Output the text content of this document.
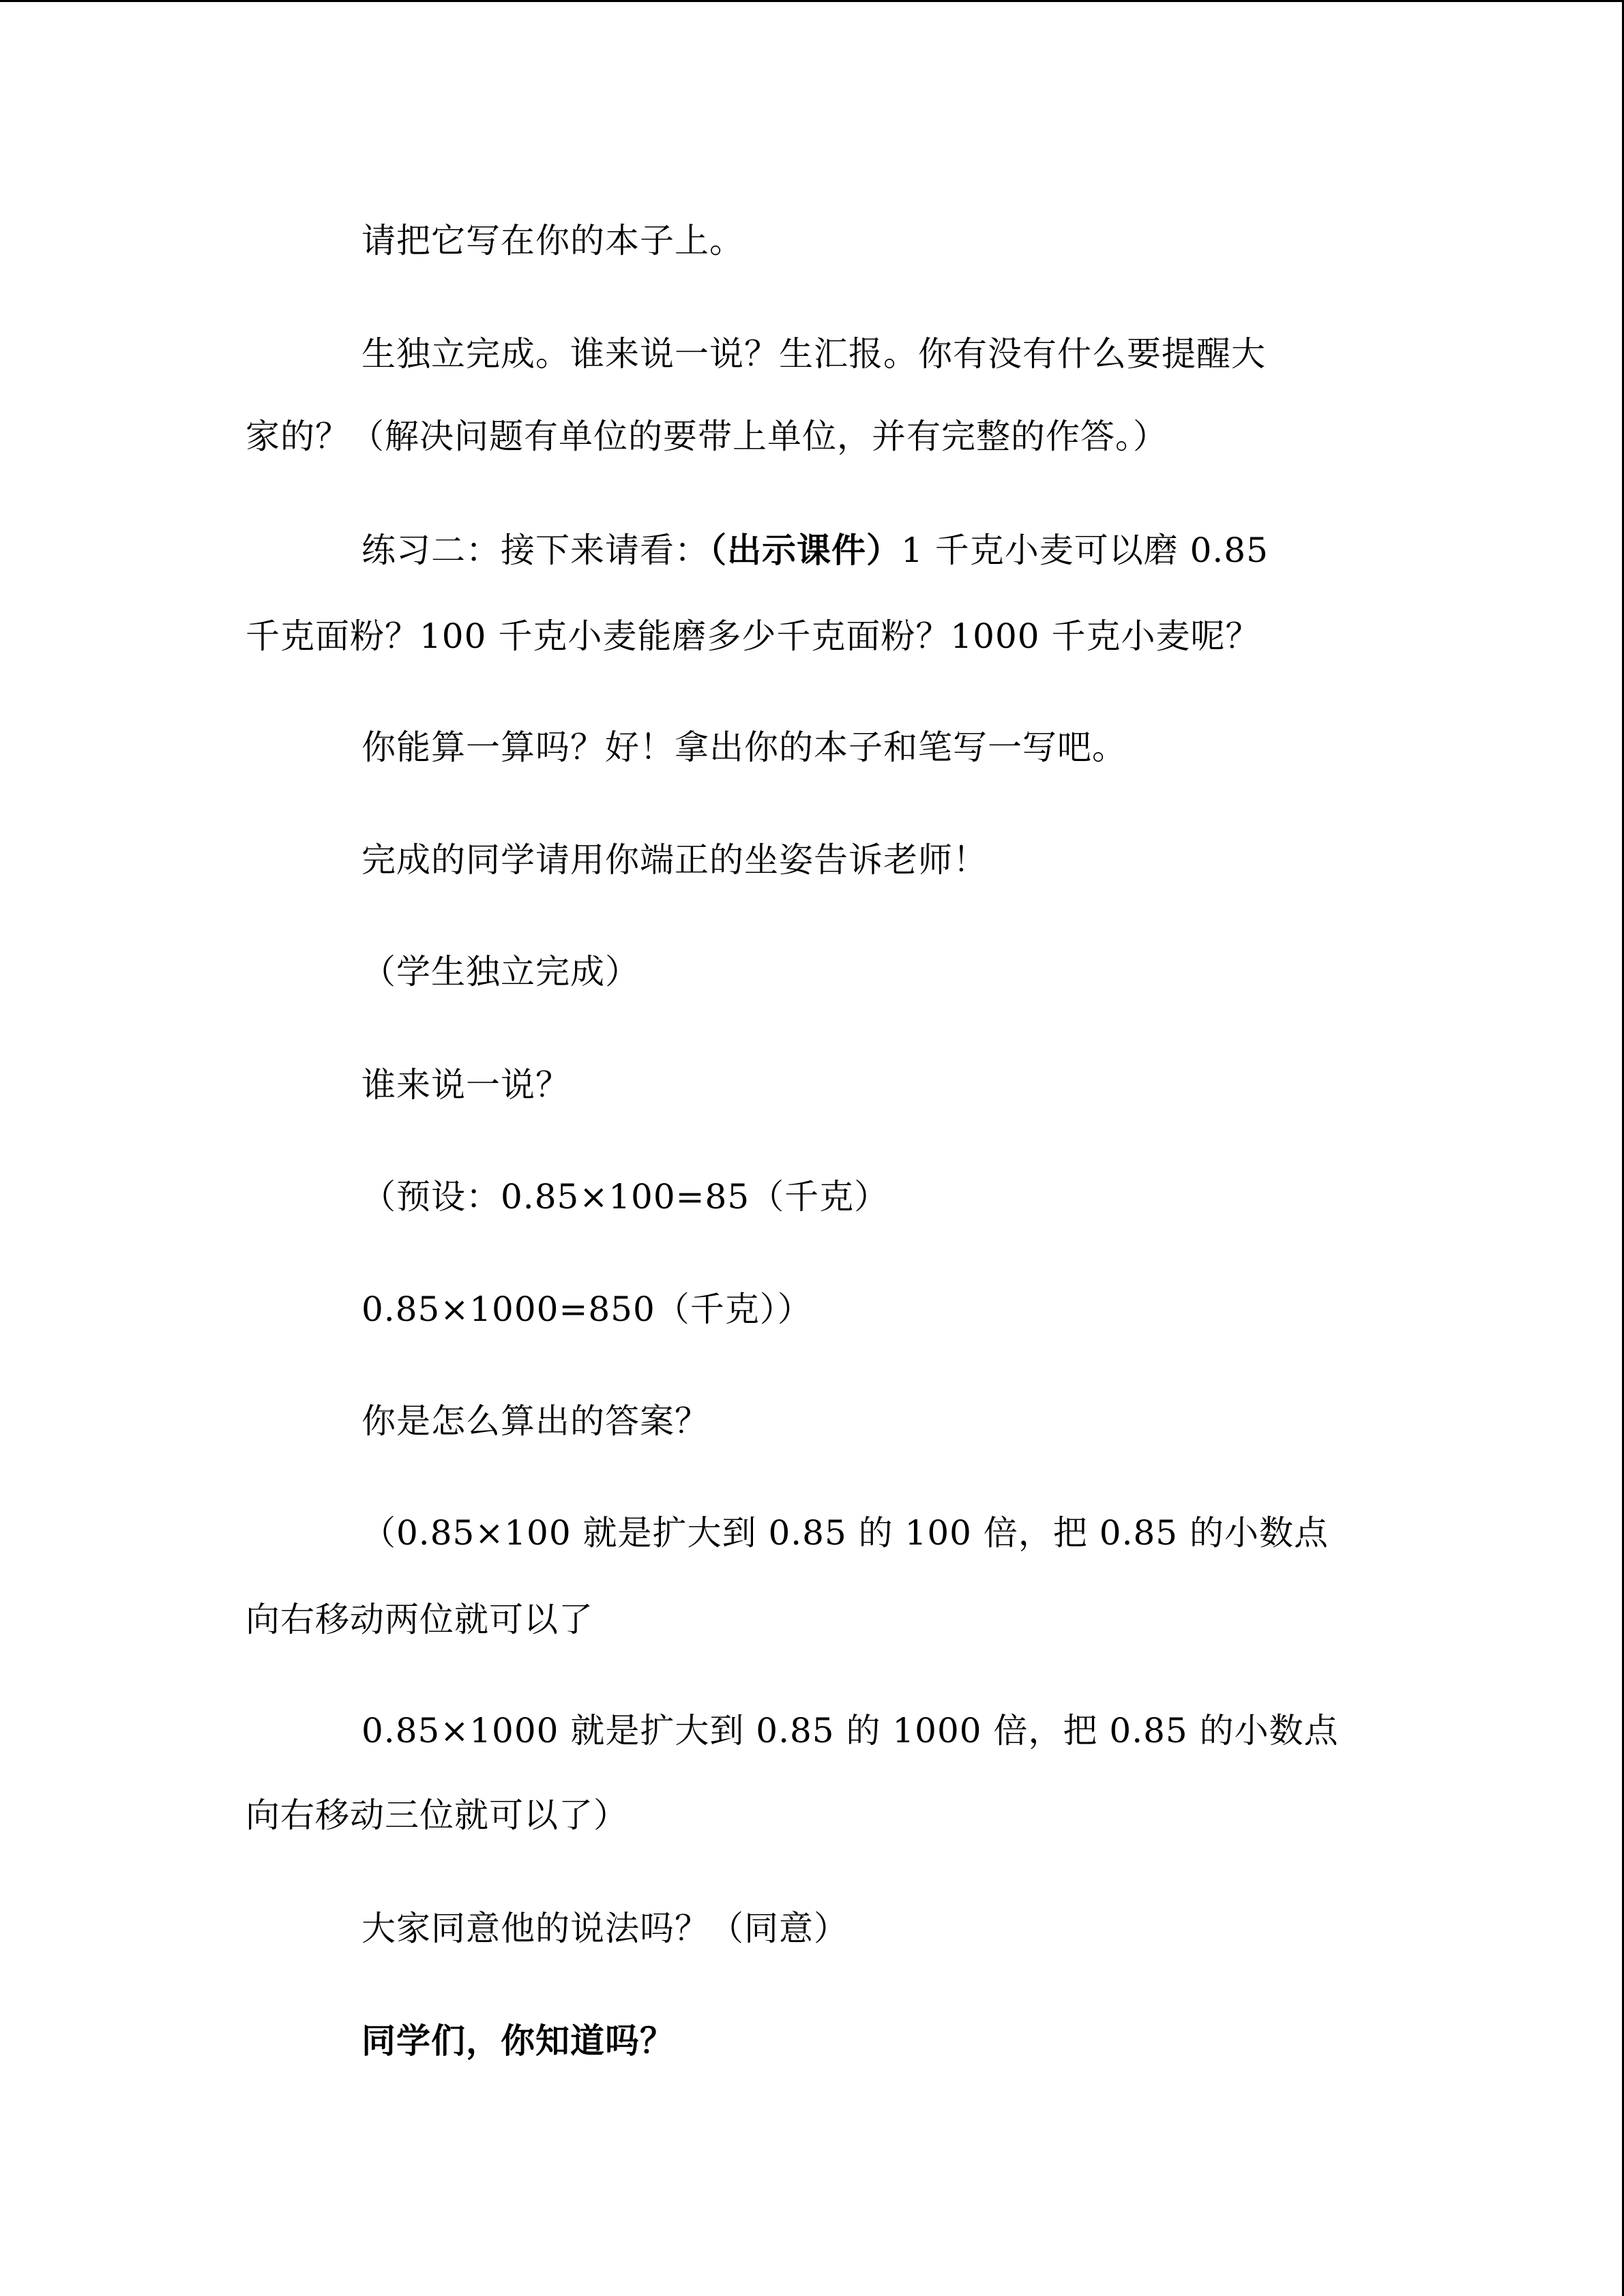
请把它写在你的本子上。
生独立完成。谁来说一说？生汇报。你有没有什么要提醒大
家的？（解决问题有单位的要带上单位，并有完整的作答。）
练习二：接下来请看：（出示课件）1 千克小麦可以磨 0.85
千克面粉？100 千克小麦能磨多少千克面粉？1000 千克小麦呢？
你能算一算吗？好！拿出你的本子和笔写一写吧。
完成的同学请用你端正的坐姿告诉老师！
（学生独立完成）
谁来说一说？
（预设：0.85×100=85（千克）
0.85×1000=850（千克））
你是怎么算出的答案？
（0.85×100 就是扩大到 0.85 的 100 倍，把 0.85 的小数点
向右移动两位就可以了
0.85×1000 就是扩大到 0.85 的 1000 倍，把 0.85 的小数点
向右移动三位就可以了）
大家同意他的说法吗？（同意）
同学们，你知道吗？
